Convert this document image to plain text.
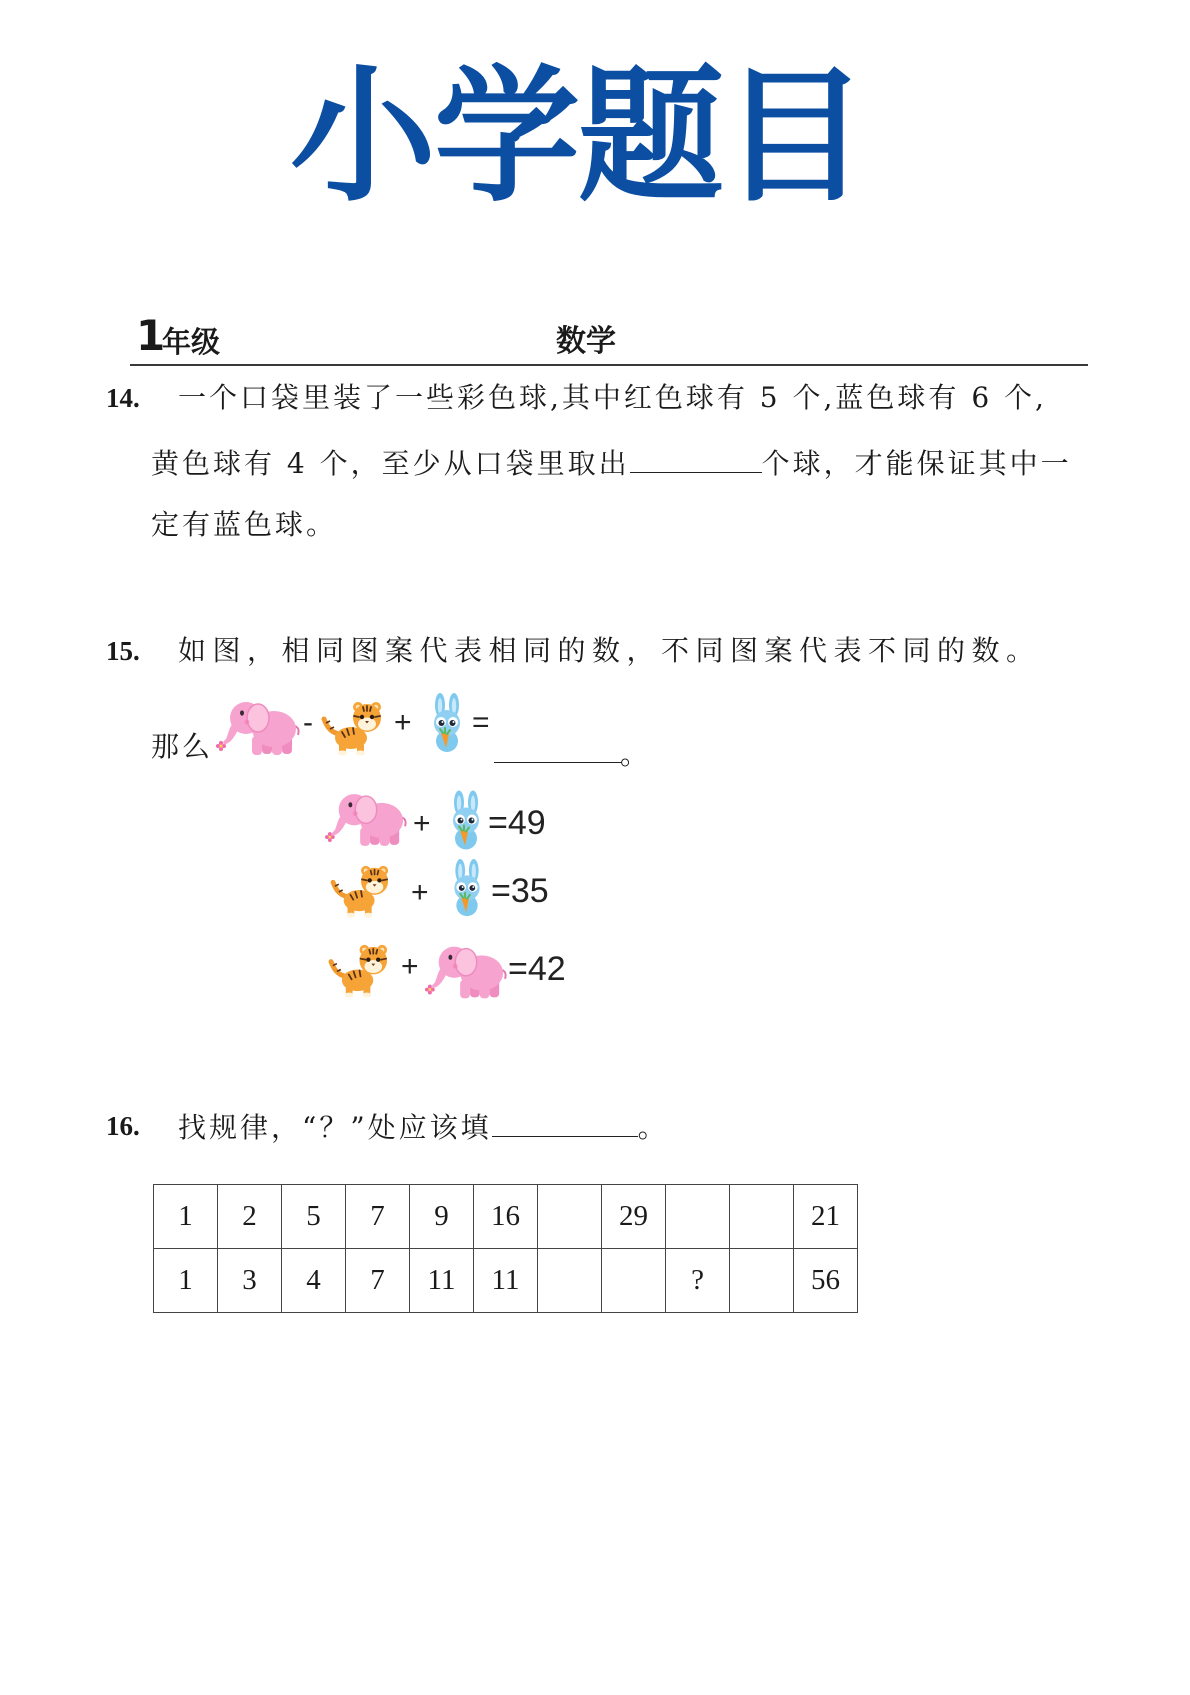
小学题目
1
年级	数学
14. 一个口袋里装了一些彩色球,其中红色球有 5 个,蓝色球有 6 个,
黄色球有 4 个，至少从口袋里取出	个球，才能保证其中一
定有蓝色球。
15. 如图，相同图案代表相同的数，不同图案代表不同的数。
那么
-	+ =
。
+ =49
+ =35
+	=42
16. 找规律，“？”处应该填	。
1	2	5	7	9	16		29			21
1	3	4	7	11	11			?		56
